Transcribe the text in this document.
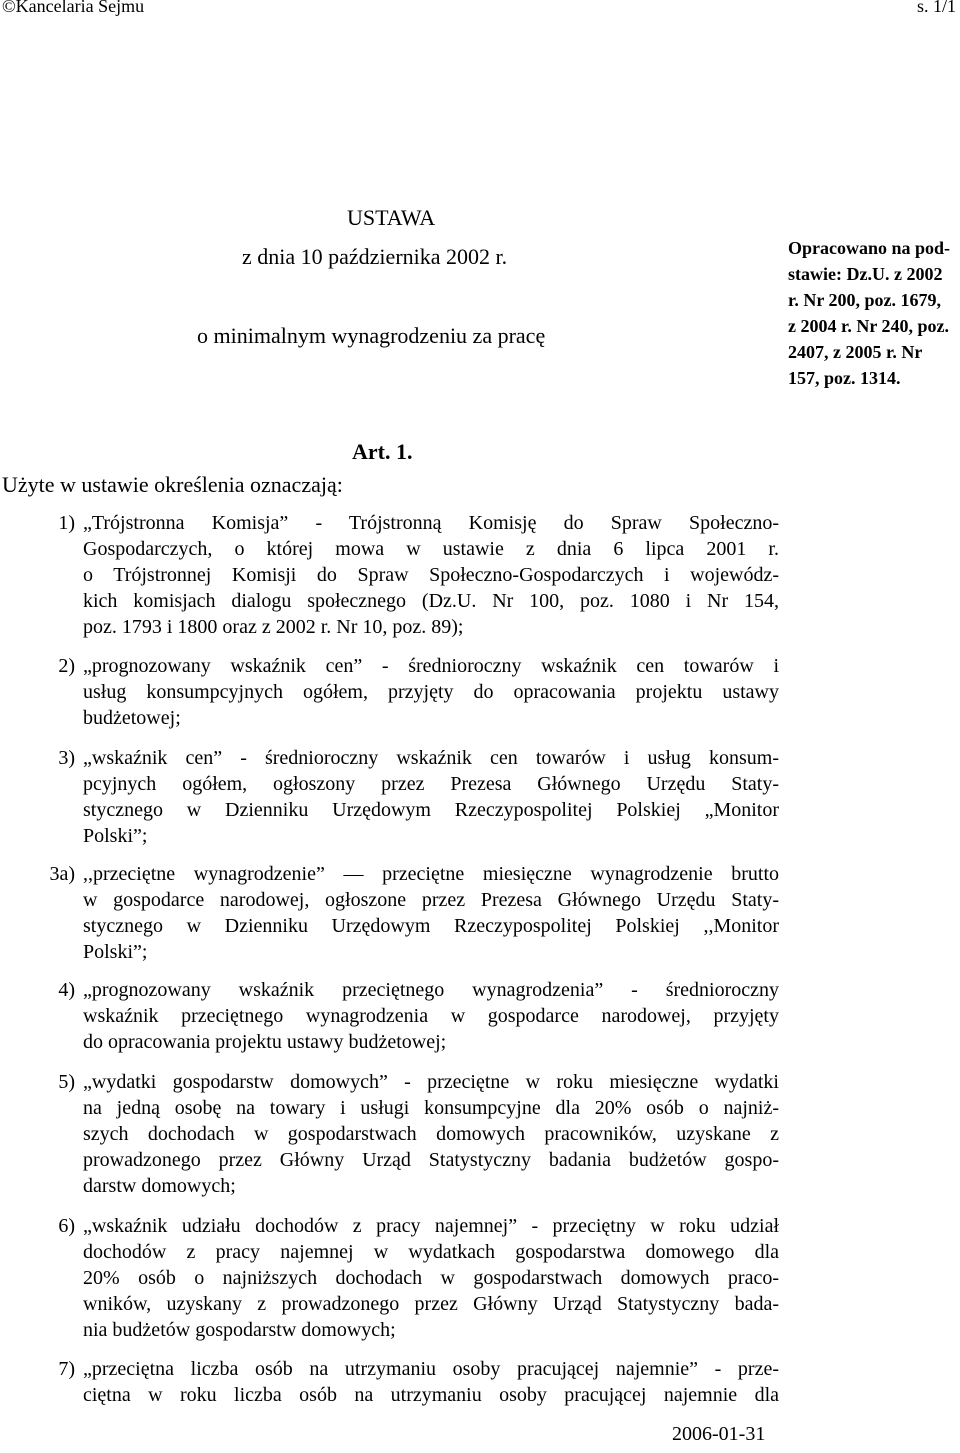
©Kancelaria Sejmu	s. 1/1
USTAWA
z dnia 10 października 2002 r.
o minimalnym wynagrodzeniu za pracę
Opracowano na pod-
stawie: Dz.U. z 2002
r. Nr 200, poz. 1679,
z 2004 r. Nr 240, poz.
2407, z 2005 r. Nr
157, poz. 1314.
Art. 1.
Użyte w ustawie określenia oznaczają:
1) „Trójstronna Komisja” - Trójstronną Komisję do Spraw Społeczno-
Gospodarczych, o której mowa w ustawie z dnia 6 lipca 2001 r.
o Trójstronnej Komisji do Spraw Społeczno-Gospodarczych i wojewódz-
kich komisjach dialogu społecznego (Dz.U. Nr 100, poz. 1080 i Nr 154,
poz. 1793 i 1800 oraz z 2002 r. Nr 10, poz. 89);
2) „prognozowany wskaźnik cen” - średnioroczny wskaźnik cen towarów i
usług konsumpcyjnych ogółem, przyjęty do opracowania projektu ustawy
budżetowej;
3) „wskaźnik cen” - średnioroczny wskaźnik cen towarów i usług konsum-
pcyjnych ogółem, ogłoszony przez Prezesa Głównego Urzędu Staty-
stycznego w Dzienniku Urzędowym Rzeczypospolitej Polskiej „Monitor
Polski”;
3a) ,,przeciętne wynagrodzenie” — przeciętne miesięczne wynagrodzenie brutto
w gospodarce narodowej, ogłoszone przez Prezesa Głównego Urzędu Staty-
stycznego w Dzienniku Urzędowym Rzeczypospolitej Polskiej ,,Monitor
Polski”;
4) „prognozowany wskaźnik przeciętnego wynagrodzenia” - średnioroczny
wskaźnik przeciętnego wynagrodzenia w gospodarce narodowej, przyjęty
do opracowania projektu ustawy budżetowej;
5) „wydatki gospodarstw domowych” - przeciętne w roku miesięczne wydatki
na jedną osobę na towary i usługi konsumpcyjne dla 20% osób o najniż-
szych dochodach w gospodarstwach domowych pracowników, uzyskane z
prowadzonego przez Główny Urząd Statystyczny badania budżetów gospo-
darstw domowych;
6) „wskaźnik udziału dochodów z pracy najemnej” - przeciętny w roku udział
dochodów z pracy najemnej w wydatkach gospodarstwa domowego dla
20% osób o najniższych dochodach w gospodarstwach domowych praco-
wników, uzyskany z prowadzonego przez Główny Urząd Statystyczny bada-
nia budżetów gospodarstw domowych;
7) „przeciętna liczba osób na utrzymaniu osoby pracującej najemnie” - prze-
ciętna w roku liczba osób na utrzymaniu osoby pracującej najemnie dla
2006-01-31
